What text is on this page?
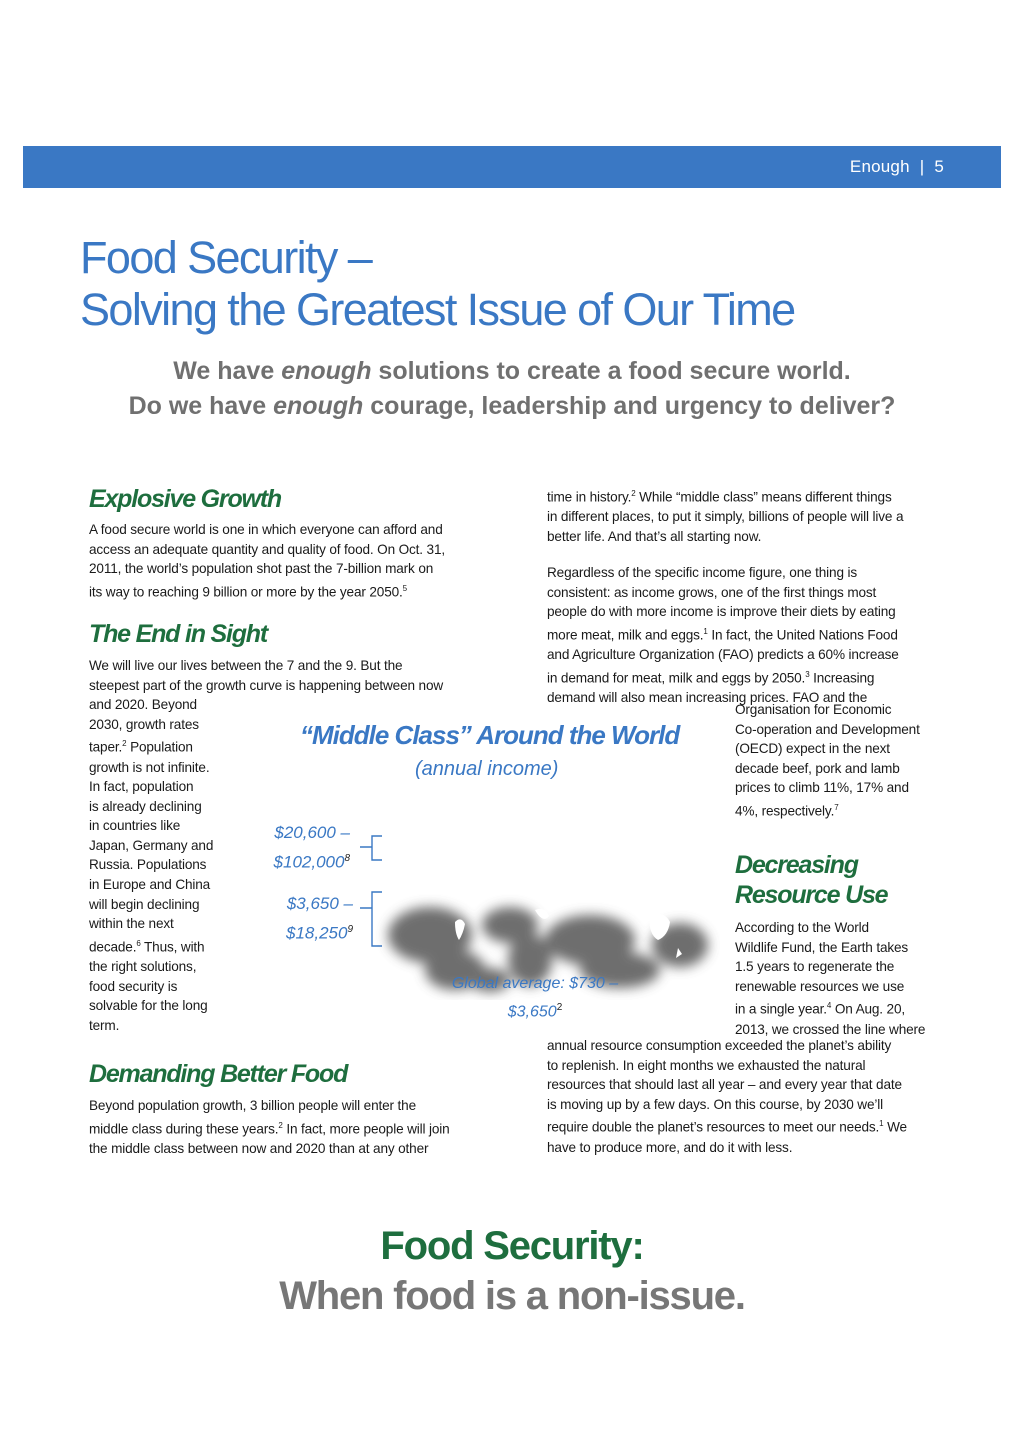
Enough | 5
Food Security –
Solving the Greatest Issue of Our Time
We have enough solutions to create a food secure world.
Do we have enough courage, leadership and urgency to deliver?
Explosive Growth
A food secure world is one in which everyone can afford and
access an adequate quantity and quality of food. On Oct. 31,
2011, the world’s population shot past the 7-billion mark on
its way to reaching 9 billion or more by the year 2050.$^5$
The End in Sight
We will live our lives between the 7 and the 9. But the
steepest part of the growth curve is happening between now
and 2020. Beyond
2030, growth rates
taper.$^2$ Population
growth is not infinite.
In fact, population
is already declining
in countries like
Japan, Germany and
Russia. Populations
in Europe and China
will begin declining
within the next
decade.$^6$ Thus, with
the right solutions,
food security is
solvable for the long
term.
Demanding Better Food
Beyond population growth, 3 billion people will enter the
middle class during these years.$^2$ In fact, more people will join
the middle class between now and 2020 than at any other
time in history.$^2$ While “middle class” means different things
in different places, to put it simply, billions of people will live a
better life. And that’s all starting now.
Regardless of the specific income figure, one thing is
consistent: as income grows, one of the first things most
people do with more income is improve their diets by eating
more meat, milk and eggs.$^1$ In fact, the United Nations Food
and Agriculture Organization (FAO) predicts a 60% increase
in demand for meat, milk and eggs by 2050.$^3$ Increasing
demand will also mean increasing prices. FAO and the
Organisation for Economic
Co-operation and Development
(OECD) expect in the next
decade beef, pork and lamb
prices to climb 11%, 17% and
4%, respectively.$^7$
Decreasing
Resource Use
According to the World
Wildlife Fund, the Earth takes
1.5 years to regenerate the
renewable resources we use
in a single year.$^4$ On Aug. 20,
2013, we crossed the line where
annual resource consumption exceeded the planet’s ability
to replenish. In eight months we exhausted the natural
resources that should last all year – and every year that date
is moving up by a few days. On this course, by 2030 we’ll
require double the planet’s resources to meet our needs.$^1$ We
have to produce more, and do it with less.
“Middle Class” Around the World
(annual income)
$20,600 –
$102,000$^8$
$3,650 –
$18,250$^9$
Global average: $730 –
$3,650$^2$
Food Security:
When food is a non-issue.
